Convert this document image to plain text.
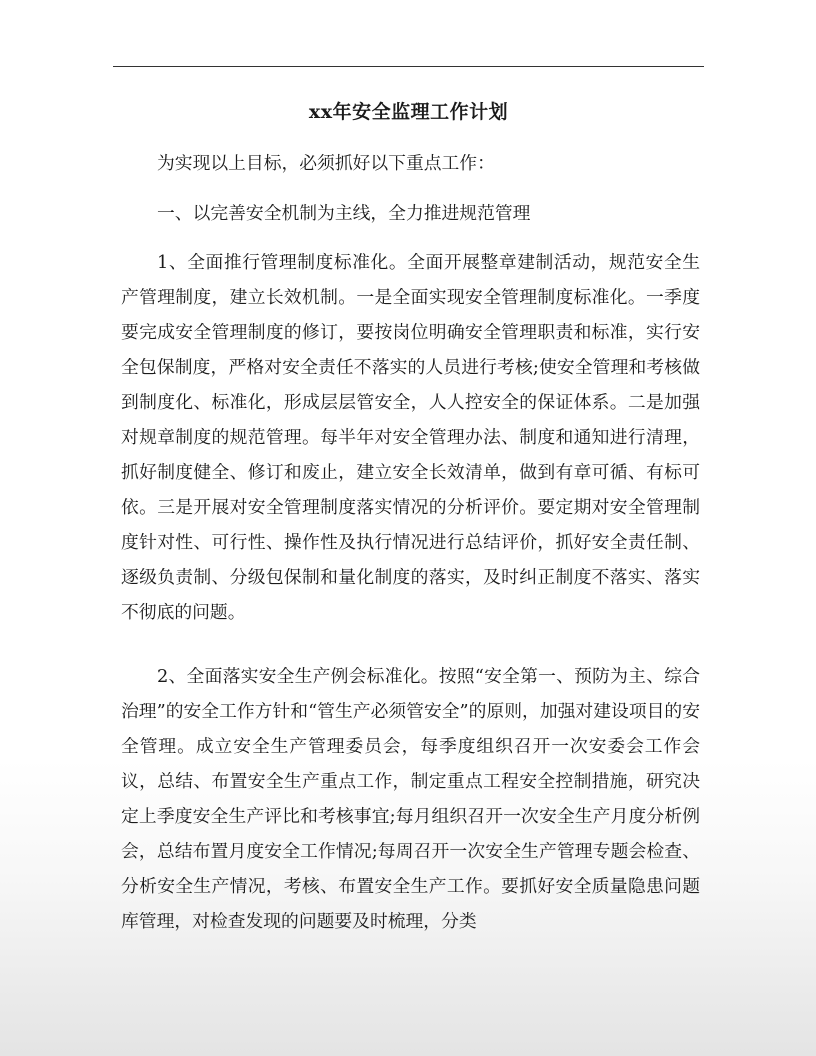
xx年安全监理工作计划

为实现以上目标，必须抓好以下重点工作：

一、以完善安全机制为主线，全力推进规范管理

1、全面推行管理制度标准化。全面开展整章建制活动，规范安全生产管理制度，建立长效机制。一是全面实现安全管理制度标准化。一季度要完成安全管理制度的修订，要按岗位明确安全管理职责和标准，实行安全包保制度，严格对安全责任不落实的人员进行考核;使安全管理和考核做到制度化、标准化，形成层层管安全，人人控安全的保证体系。二是加强对规章制度的规范管理。每半年对安全管理办法、制度和通知进行清理，抓好制度健全、修订和废止，建立安全长效清单，做到有章可循、有标可依。三是开展对安全管理制度落实情况的分析评价。要定期对安全管理制度针对性、可行性、操作性及执行情况进行总结评价，抓好安全责任制、逐级负责制、分级包保制和量化制度的落实，及时纠正制度不落实、落实不彻底的问题。

2、全面落实安全生产例会标准化。按照“安全第一、预防为主、综合治理”的安全工作方针和“管生产必须管安全”的原则，加强对建设项目的安全管理。成立安全生产管理委员会，每季度组织召开一次安委会工作会议，总结、布置安全生产重点工作，制定重点工程安全控制措施，研究决定上季度安全生产评比和考核事宜;每月组织召开一次安全生产月度分析例会，总结布置月度安全工作情况;每周召开一次安全生产管理专题会检查、分析安全生产情况，考核、布置安全生产工作。要抓好安全质量隐患问题库管理，对检查发现的问题要及时梳理，分类
